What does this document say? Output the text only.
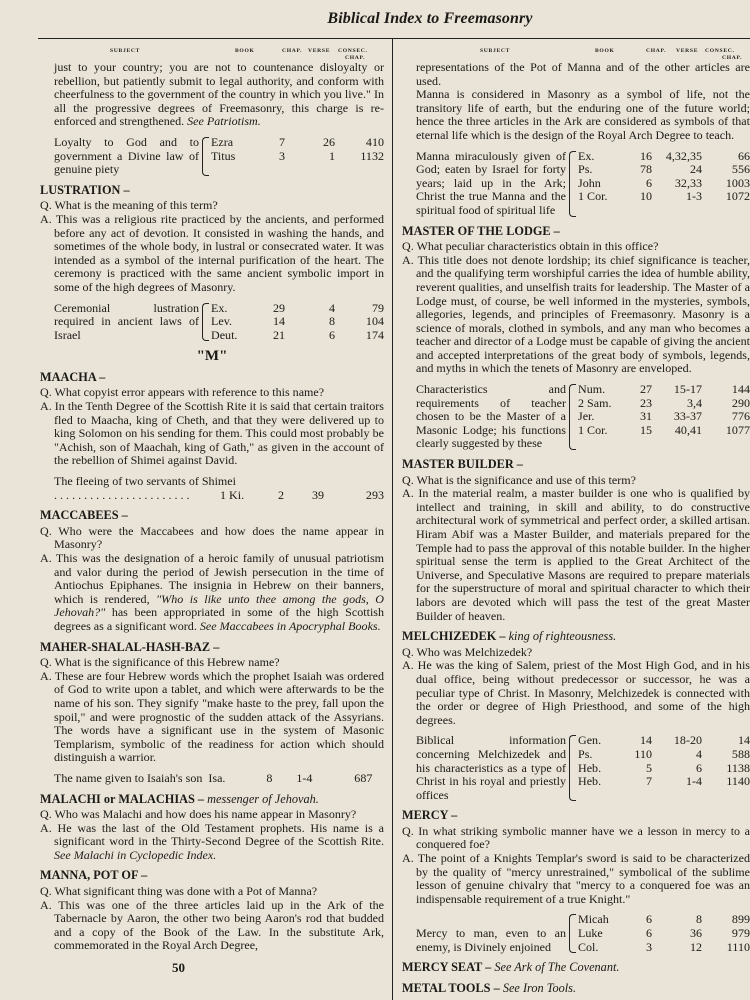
Biblical Index to Freemasonry
SUBJECT	BOOK	CHAP. VERSE CONSEC.
CHAP.

just to your country; you are not to countenance disloyalty or rebellion, but patiently submit to legal authority, and conform with cheerfulness to the government of the country in which you live." In all the progressive degrees of Freemasonry, this charge is re-enforced and strengthened. See Patriotism.

Loyalty to God and to government a Divine law of genuine piety
Ezra	7	26	410
Titus	3	1	1132
LUSTRATION –

Q. What is the meaning of this term?

A. This was a religious rite practiced by the ancients, and performed before any act of devotion. It consisted in washing the hands, and sometimes of the whole body, in lustral or consecrated water. It was intended as a symbol of the internal purification of the heart. The ceremony is practiced with the same ancient symbolic import in some of the high degrees of Masonry.

Ceremonial lustration required in ancient laws of Israel
Ex.	29	4	79
Lev.	14	8	104
Deut.	21	6	174
"M"
MAACHA –

Q. What copyist error appears with reference to this name?

A. In the Tenth Degree of the Scottish Rite it is said that certain traitors fled to Maacha, king of Cheth, and that they were delivered up to king Solomon on his sending for them. This could most probably be "Achish, son of Maachah, king of Gath," as given in the account of the rebellion of Shimei against David.

The fleeing of two servants of Shimei
. . .
1 Ki.	2	39	293
MACCABEES –

Q. Who were the Maccabees and how does the name appear in Masonry?

A. This was the designation of a heroic family of unusual patriotism and valor during the period of Jewish persecution in the time of Antiochus Epiphanes. The insignia in Hebrew on their banners, which is rendered, "Who is like unto thee among the gods, O Jehovah?" has been appropriated in some of the high Scottish degrees as a significant word. See Maccabees in Apocryphal Books.

MAHER-SHALAL-HASH-BAZ –

Q. What is the significance of this Hebrew name?

A. These are four Hebrew words which the prophet Isaiah was ordered of God to write upon a tablet, and which were afterwards to be the name of his son. They signify "make haste to the prey, fall upon the spoil," and were prognostic of the sudden attack of the Assyrians. The words have a significant use in the system of Masonic Templarism, symbolic of the readiness for action which should distinguish a warrior.

The name given to Isaiah's son Isa.	8	1-4	687
MALACHI or MALACHIAS – messenger of Jehovah.

Q. Who was Malachi and how does his name appear in Masonry?

A. He was the last of the Old Testament prophets. His name is a significant word in the Thirty-Second Degree of the Scottish Rite. See Malachi in Cyclopedic Index.

MANNA, POT OF –

Q. What significant thing was done with a Pot of Manna?

A. This was one of the three articles laid up in the Ark of the Tabernacle by Aaron, the other two being Aaron's rod that budded and a copy of the Book of the Law. In the substitute Ark, commemorated in the Royal Arch Degree,

SUBJECT	BOOK	CHAP. VERSE CONSEC.
CHAP.

representations of the Pot of Manna and of the other articles are used.

Manna is considered in Masonry as a symbol of life, not the transitory life of earth, but the enduring one of the future world; hence the three articles in the Ark are considered as symbols of that eternal life which is the design of the Royal Arch Degree to teach.

Manna miraculously given of God; eaten by Israel for forty years; laid up in the Ark; Christ the true Manna and the spiritual food of spiritual life
Ex.	16	4,32,35	66
Ps.	78	24	556
John	6	32,33	1003
1 Cor.	10	1-3	1072
MASTER OF THE LODGE –

Q. What peculiar characteristics obtain in this office?

A. This title does not denote lordship; its chief significance is teacher, and the qualifying term worshipful carries the idea of humble ability, reverent qualities, and unselfish traits for leadership. The Master of a Lodge must, of course, be well informed in the mysteries, symbols, allegories, legends, and principles of Freemasonry. Masonry is a science of morals, clothed in symbols, and any man who becomes a teacher and director of a Lodge must be capable of giving the ancient and accepted interpretations of the great body of symbols, legends, and myths in which the tenets of Masonry are enveloped.

Characteristics and requirements of teacher chosen to be the Master of a Masonic Lodge; his functions clearly suggested by these
Num.	27	15-17	144
2 Sam.	23	3,4	290
Jer.	31	33-37	776
1 Cor.	15	40,41	1077
MASTER BUILDER –

Q. What is the significance and use of this term?

A. In the material realm, a master builder is one who is qualified by intellect and training, in skill and ability, to do constructive architectural work of symmetrical and perfect order, a skilled artisan. Hiram Abif was a Master Builder, and materials prepared for the Temple had to pass the approval of this notable builder. In the higher spiritual sense the term is applied to the Great Architect of the Universe, and Speculative Masons are required to prepare materials for the superstructure of moral and spiritual character to which their labors are devoted which will pass the test of the great Master Builder of heaven.

MELCHIZEDEK – king of righteousness.

Q. Who was Melchizedek?

A. He was the king of Salem, priest of the Most High God, and in his dual office, being without predecessor or successor, he was a peculiar type of Christ. In Masonry, Melchizedek is connected with the order or degree of High Priesthood, and some of the high degrees.

Biblical information concerning Melchizedek and his characteristics as a type of Christ in his royal and priestly offices
Gen.	14	18-20	14
Ps.	110	4	588
Heb.	5	6	1138
Heb.	7	1-4	1140
MERCY –

Q. In what striking symbolic manner have we a lesson in mercy to a conquered foe?

A. The point of a Knights Templar's sword is said to be characterized by the quality of "mercy unrestrained," symbolical of the sublime lesson of genuine chivalry that "mercy to a conquered foe was an indispensable requirement of a true Knight."

Mercy to man, even to an enemy, is Divinely enjoined
Micah	6	8	899
Luke	6	36	979
Col.	3	12	1110
MERCY SEAT – See Ark of The Covenant.
METAL TOOLS – See Iron Tools.
50
